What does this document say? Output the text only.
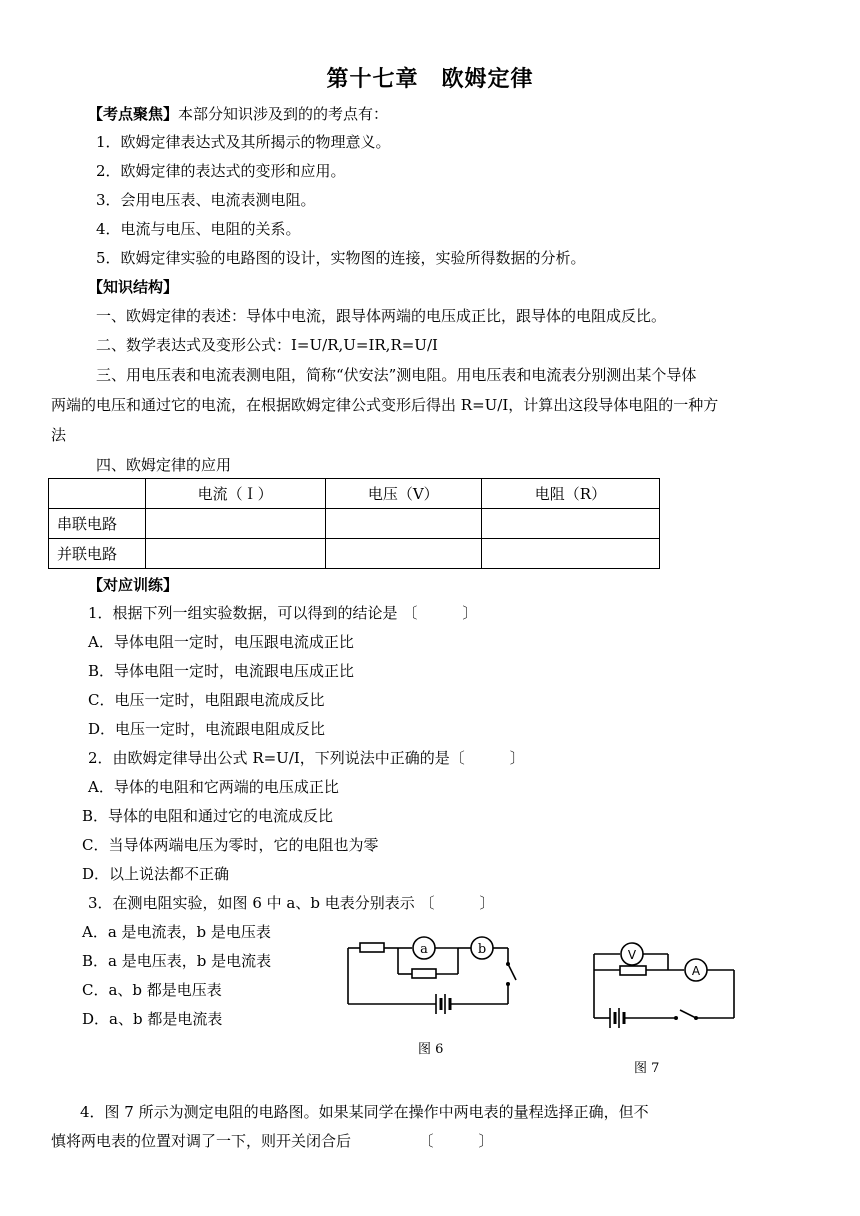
第十七章　欧姆定律
【考点聚焦】本部分知识涉及到的的考点有：
1．欧姆定律表达式及其所揭示的物理意义。
2．欧姆定律的表达式的变形和应用。
3．会用电压表、电流表测电阻。
4．电流与电压、电阻的关系。
5．欧姆定律实验的电路图的设计，实物图的连接，实验所得数据的分析。
【知识结构】
一、欧姆定律的表述：导体中电流，跟导体两端的电压成正比，跟导体的电阻成反比。
二、数学表达式及变形公式：I=U/R,U=IR,R=U/I
三、用电压表和电流表测电阻，简称“伏安法”测电阻。用电压表和电流表分别测出某个导体
两端的电压和通过它的电流，在根据欧姆定律公式变形后得出 R=U/I，计算出这段导体电阻的一种方
法
四、欧姆定律的应用
	电流（Ｉ）	电压（V）	电阻（R）
串联电路			
并联电路			
【对应训练】
1．根据下列一组实验数据，可以得到的结论是 〔　　　〕
A．导体电阻一定时，电压跟电流成正比
B．导体电阻一定时，电流跟电压成正比
C．电压一定时，电阻跟电流成反比
D．电压一定时，电流跟电阻成反比
2．由欧姆定律导出公式 R=U/I，下列说法中正确的是〔　　　〕
A．导体的电阻和它两端的电压成正比
B．导体的电阻和通过它的电流成反比
C．当导体两端电压为零时，它的电阻也为零
D．以上说法都不正确
3．在测电阻实验，如图 6 中 a、b 电表分别表示 〔　　　〕
A．a 是电流表，b 是电压表
B．a 是电压表，b 是电流表
C．a、b 都是电压表
D．a、b 都是电流表
a	b
图 6
V
A
图 7
4．图 7 所示为测定电阻的电路图。如果某同学在操作中两电表的量程选择正确，但不
慎将两电表的位置对调了一下，则开关闭合后　　　　　〔　　　〕
